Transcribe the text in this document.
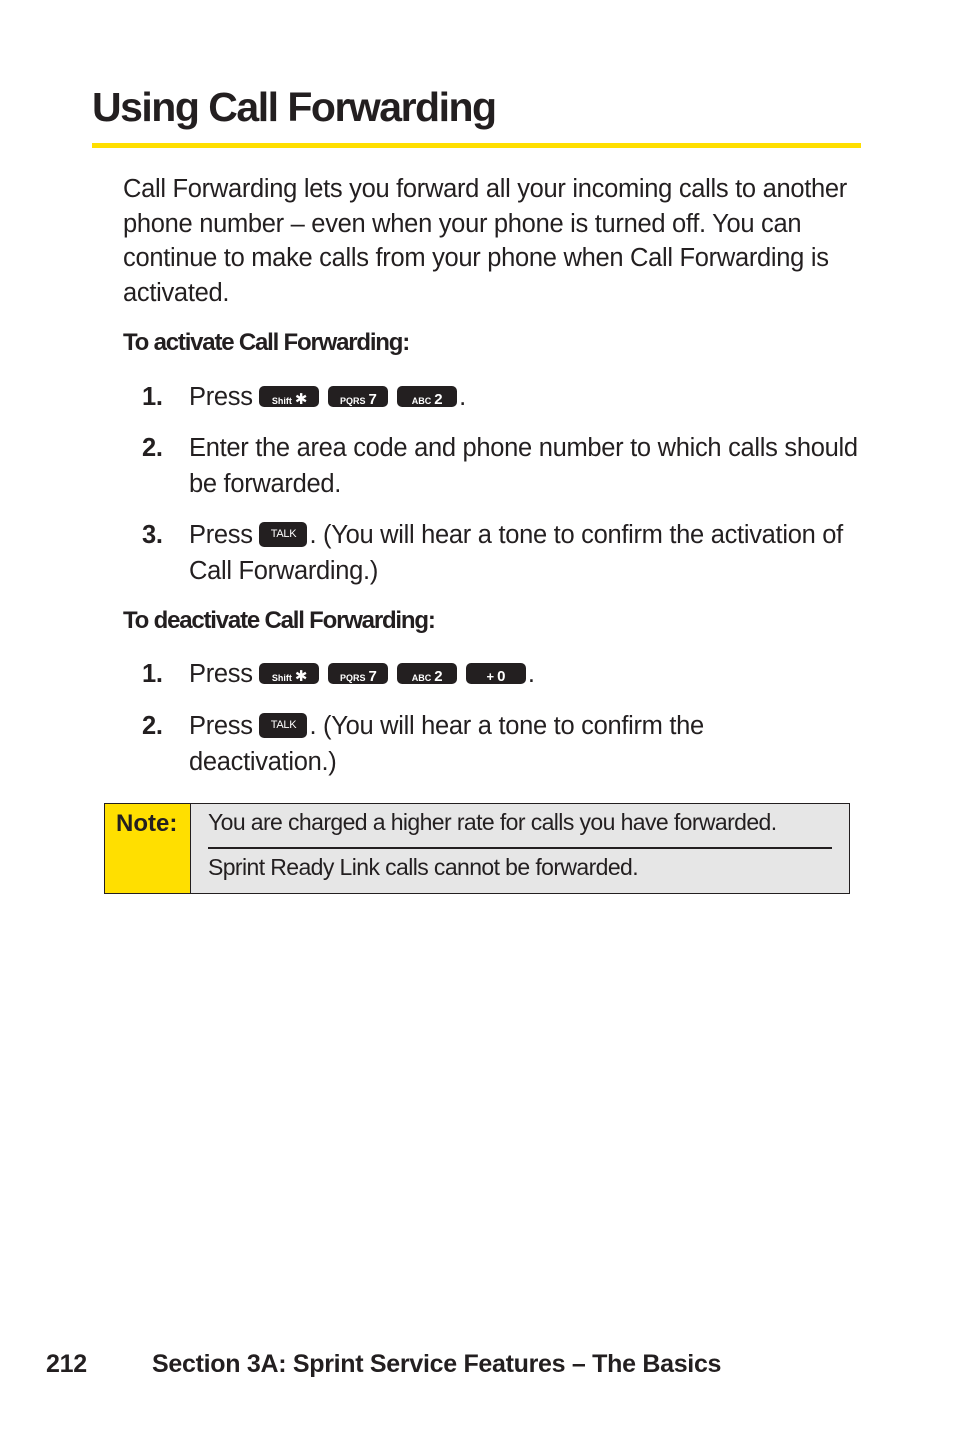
Using Call Forwarding

Call Forwarding lets you forward all your incoming calls to another phone number – even when your phone is turned off. You can continue to make calls from your phone when Call Forwarding is activated.

To activate Call Forwarding:
1. Press Shift ✱	PQRS 7	ABC 2 .
2. Enter the area code and phone number to which calls should be forwarded.
3. Press TALK . (You will hear a tone to confirm the activation of Call Forwarding.)
To deactivate Call Forwarding:
1. Press Shift ✱	PQRS 7	ABC 2	+ 0 .
2. Press TALK . (You will hear a tone to confirm the deactivation.)
Note:	You are charged a higher rate for calls you have forwarded.
Sprint Ready Link calls cannot be forwarded.
212	Section 3A: Sprint Service Features – The Basics
